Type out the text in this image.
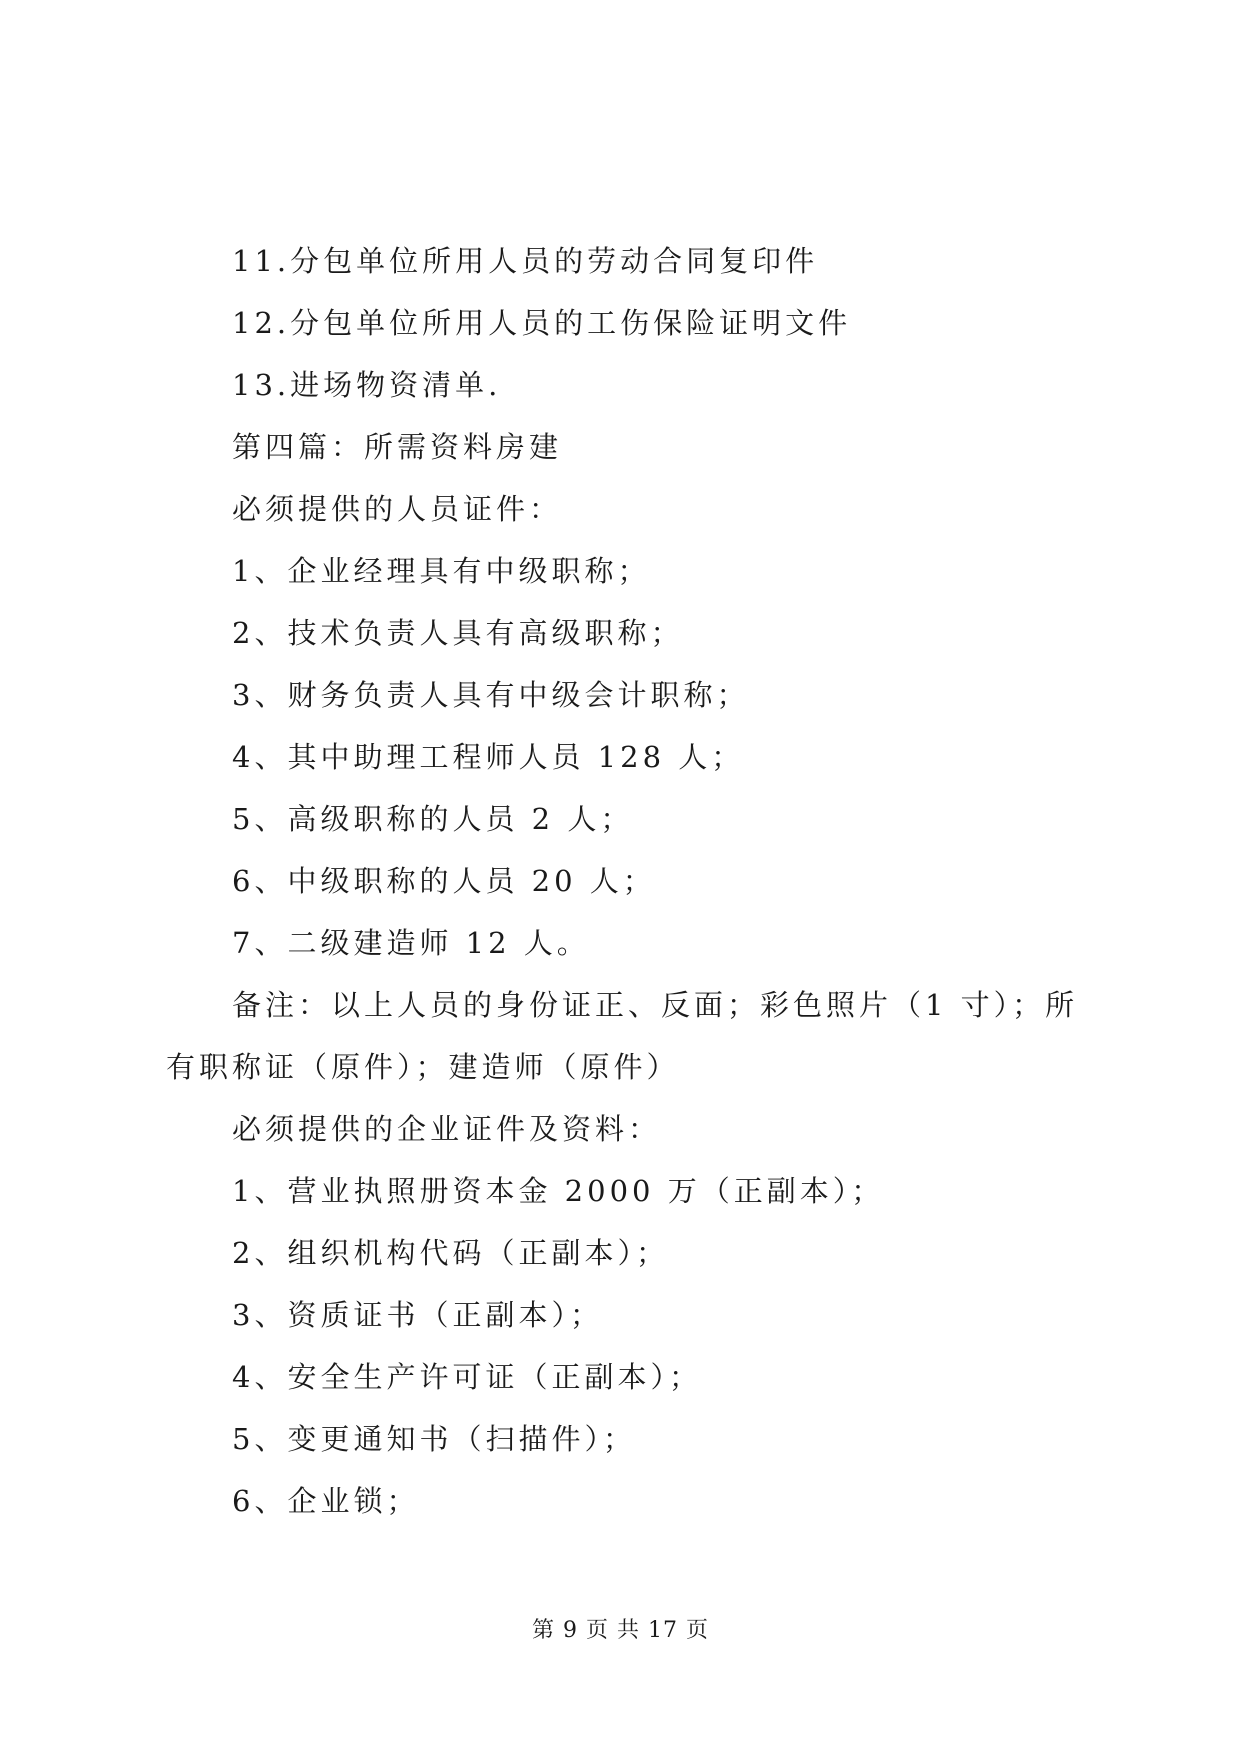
11.分包单位所用人员的劳动合同复印件
12.分包单位所用人员的工伤保险证明文件
13.进场物资清单.
第四篇：所需资料房建
必须提供的人员证件：
1、企业经理具有中级职称；
2、技术负责人具有高级职称；
3、财务负责人具有中级会计职称；
4、其中助理工程师人员 128 人；
5、高级职称的人员 2 人；
6、中级职称的人员 20 人；
7、二级建造师 12 人。
备注：以上人员的身份证正、反面；彩色照片（1 寸）；所有职称证（原件）；建造师（原件）
必须提供的企业证件及资料：
1、营业执照册资本金 2000 万（正副本）；
2、组织机构代码（正副本）；
3、资质证书（正副本）；
4、安全生产许可证（正副本）；
5、变更通知书（扫描件）；
6、企业锁；
第 9 页 共 17 页
